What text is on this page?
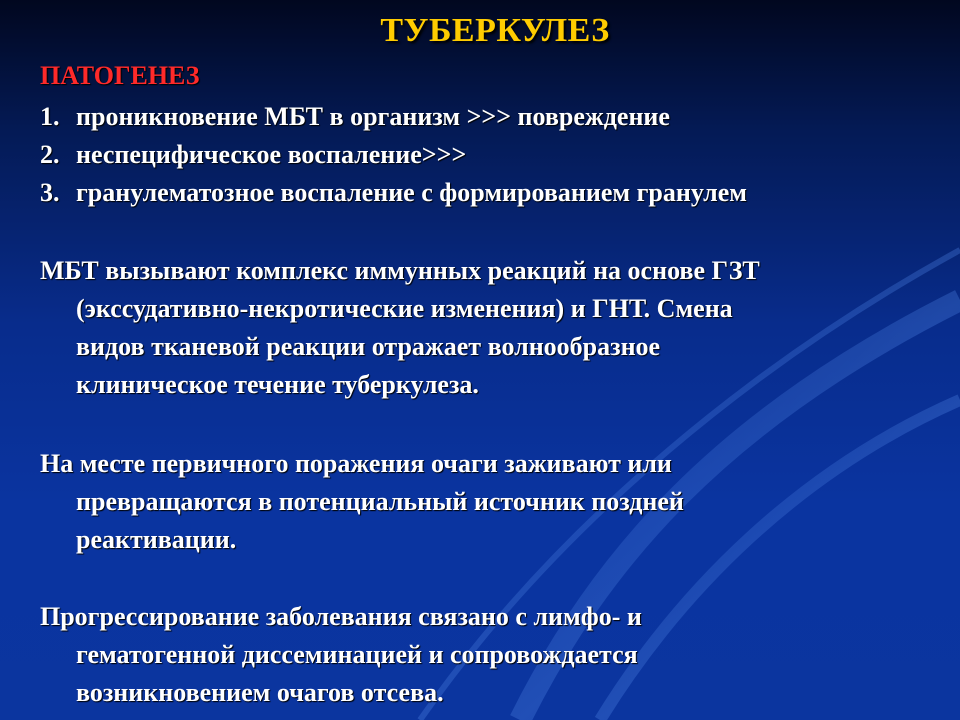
ТУБЕРКУЛЕЗ
ПАТОГЕНЕЗ
1. проникновение МБТ в организм >>> повреждение
2. неспецифическое воспаление>>>
3. гранулематозное воспаление с формированием гранулем
МБТ вызывают комплекс иммунных реакций на основе ГЗТ
(экссудативно-некротические изменения) и ГНТ. Смена
видов тканевой реакции отражает волнообразное
клиническое течение туберкулеза.
На месте первичного поражения очаги заживают или
превращаются в потенциальный источник поздней
реактивации.
Прогрессирование заболевания связано с лимфо- и
гематогенной диссеминацией и сопровождается
возникновением очагов отсева.
